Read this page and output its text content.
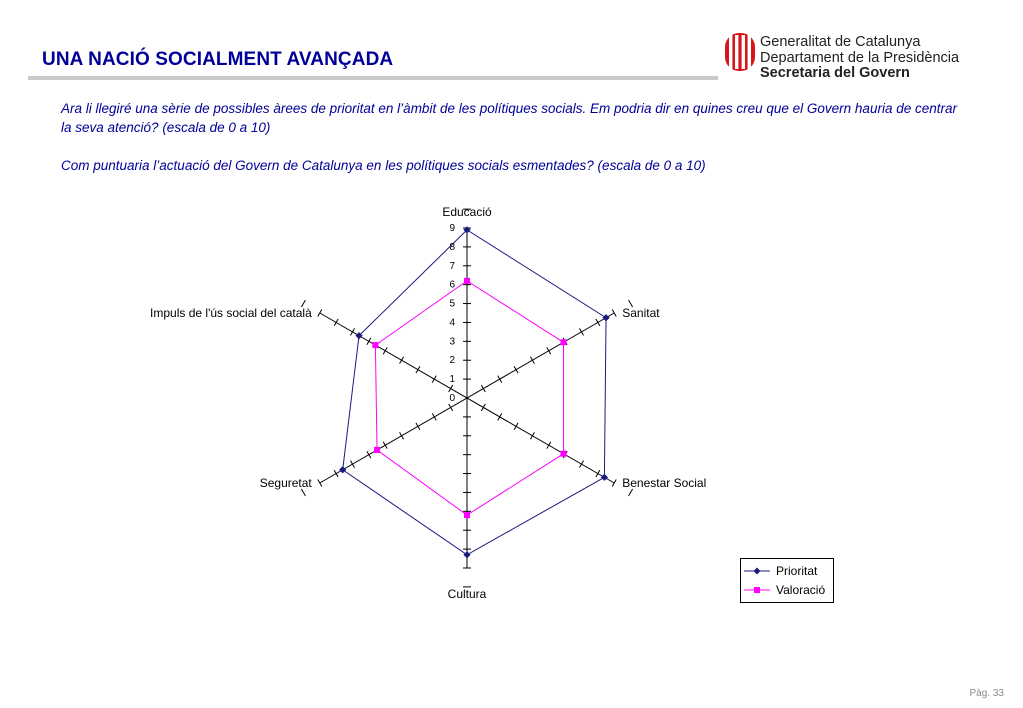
UNA NACIÓ SOCIALMENT AVANÇADA
Generalitat de Catalunya
Departament de la Presidència
Secretaria del Govern

Ara li llegiré una sèrie de possibles àrees de prioritat en l’àmbit de les polítiques socials. Em podria dir en quines creu que el Govern hauria de centrar la seva atenció? (escala de 0 a 10)

Com puntuaria l’actuació del Govern de Catalunya en les polítiques socials esmentades? (escala de 0 a 10)

0
1
2
3
4
5
6
7
8
9
Educació
Sanitat
Benestar Social
Cultura
Seguretat
Impuls de l'ús social del català
Prioritat
Valoració
Pàg. 33
